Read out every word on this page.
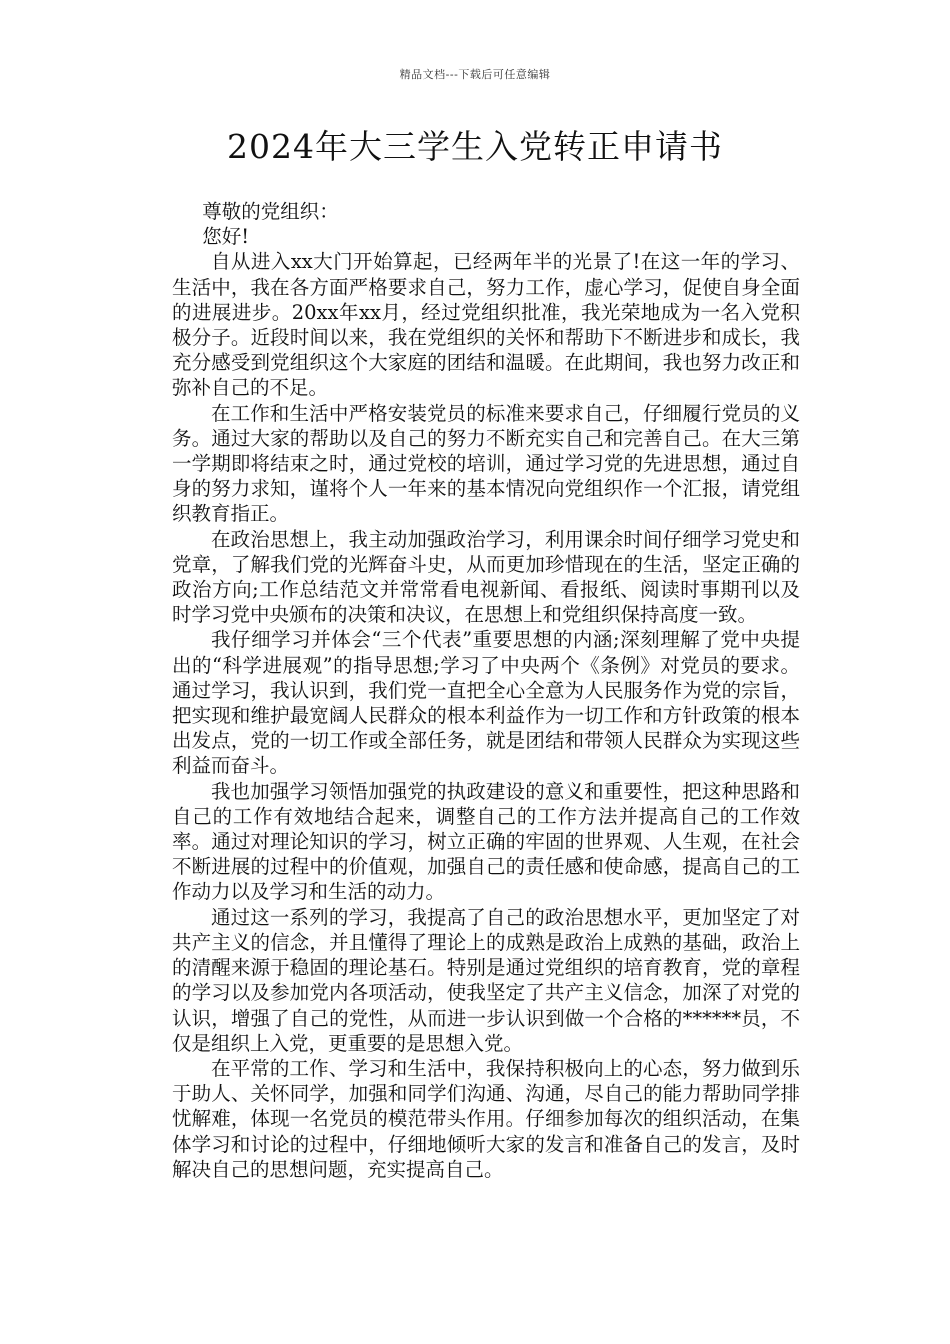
精品文档---下载后可任意编辑
2024年大三学生入党转正申请书

尊敬的党组织：

您好!

自从进入xx大门开始算起，已经两年半的光景了!在这一年的学习、生活中，我在各方面严格要求自己，努力工作，虚心学习，促使自身全面的进展进步。20xx年xx月，经过党组织批准，我光荣地成为一名入党积极分子。近段时间以来，我在党组织的关怀和帮助下不断进步和成长，我充分感受到党组织这个大家庭的团结和温暖。在此期间，我也努力改正和弥补自己的不足。

在工作和生活中严格安装党员的标准来要求自己，仔细履行党员的义务。通过大家的帮助以及自己的努力不断充实自己和完善自己。在大三第一学期即将结束之时，通过党校的培训，通过学习党的先进思想，通过自身的努力求知，谨将个人一年来的基本情况向党组织作一个汇报，请党组织教育指正。

在政治思想上，我主动加强政治学习，利用课余时间仔细学习党史和党章，了解我们党的光辉奋斗史，从而更加珍惜现在的生活，坚定正确的政治方向;工作总结范文并常常看电视新闻、看报纸、阅读时事期刊以及时学习党中央颁布的决策和决议，在思想上和党组织保持高度一致。

我仔细学习并体会“三个代表”重要思想的内涵;深刻理解了党中央提出的“科学进展观”的指导思想;学习了中央两个《条例》对党员的要求。通过学习，我认识到，我们党一直把全心全意为人民服务作为党的宗旨，把实现和维护最宽阔人民群众的根本利益作为一切工作和方针政策的根本出发点，党的一切工作或全部任务，就是团结和带领人民群众为实现这些利益而奋斗。

我也加强学习领悟加强党的执政建设的意义和重要性，把这种思路和自己的工作有效地结合起来，调整自己的工作方法并提高自己的工作效率。通过对理论知识的学习，树立正确的牢固的世界观、人生观，在社会不断进展的过程中的价值观，加强自己的责任感和使命感，提高自己的工作动力以及学习和生活的动力。

通过这一系列的学习，我提高了自己的政治思想水平，更加坚定了对共产主义的信念，并且懂得了理论上的成熟是政治上成熟的基础，政治上的清醒来源于稳固的理论基石。特别是通过党组织的培育教育，党的章程的学习以及参加党内各项活动，使我坚定了共产主义信念，加深了对党的认识，增强了自己的党性，从而进一步认识到做一个合格的******员，不仅是组织上入党，更重要的是思想入党。

在平常的工作、学习和生活中，我保持积极向上的心态，努力做到乐于助人、关怀同学，加强和同学们沟通、沟通，尽自己的能力帮助同学排忧解难，体现一名党员的模范带头作用。仔细参加每次的组织活动，在集体学习和讨论的过程中，仔细地倾听大家的发言和准备自己的发言，及时解决自己的思想问题，充实提高自己。
